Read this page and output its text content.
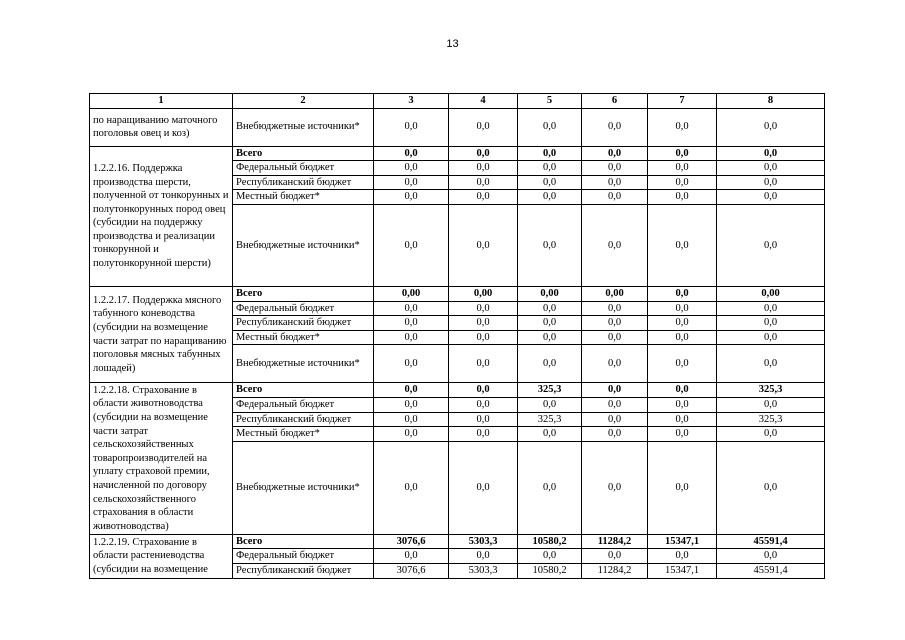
13
1	2	3	4	5	6	7	8
по наращиванию маточного поголовья овец и коз)	Внебюджетные источники*	0,0	0,0	0,0	0,0	0,0	0,0
1.2.2.16. Поддержка производства шерсти, полученной от тонкорунных и полутонкорунных пород овец (субсидии на поддержку производства и реализации тонкорунной и полутонкорунной шерсти)	Всего	0,0	0,0	0,0	0,0	0,0	0,0
	Федеральный бюджет	0,0	0,0	0,0	0,0	0,0	0,0
	Республиканский бюджет	0,0	0,0	0,0	0,0	0,0	0,0
	Местный бюджет*	0,0	0,0	0,0	0,0	0,0	0,0
	Внебюджетные источники*	0,0	0,0	0,0	0,0	0,0	0,0
1.2.2.17. Поддержка мясного табунного коневодства (субсидии на возмещение части затрат по наращиванию поголовья мясных табунных лошадей)	Всего	0,00	0,00	0,00	0,00	0,0	0,00
	Федеральный бюджет	0,0	0,0	0,0	0,0	0,0	0,0
	Республиканский бюджет	0,0	0,0	0,0	0,0	0,0	0,0
	Местный бюджет*	0,0	0,0	0,0	0,0	0,0	0,0
	Внебюджетные источники*	0,0	0,0	0,0	0,0	0,0	0,0
1.2.2.18. Страхование в области животноводства (субсидии на возмещение части затрат сельскохозяйственных товаропроизводителей на уплату страховой премии, начисленной по договору сельскохозяйственного страхования в области животноводства)	Всего	0,0	0,0	325,3	0,0	0,0	325,3
	Федеральный бюджет	0,0	0,0	0,0	0,0	0,0	0,0
	Республиканский бюджет	0,0	0,0	325,3	0,0	0,0	325,3
	Местный бюджет*	0,0	0,0	0,0	0,0	0,0	0,0
	Внебюджетные источники*	0,0	0,0	0,0	0,0	0,0	0,0
1.2.2.19. Страхование в области растениеводства (субсидии на возмещение	Всего	3076,6	5303,3	10580,2	11284,2	15347,1	45591,4
	Федеральный бюджет	0,0	0,0	0,0	0,0	0,0	0,0
	Республиканский бюджет	3076,6	5303,3	10580,2	11284,2	15347,1	45591,4
